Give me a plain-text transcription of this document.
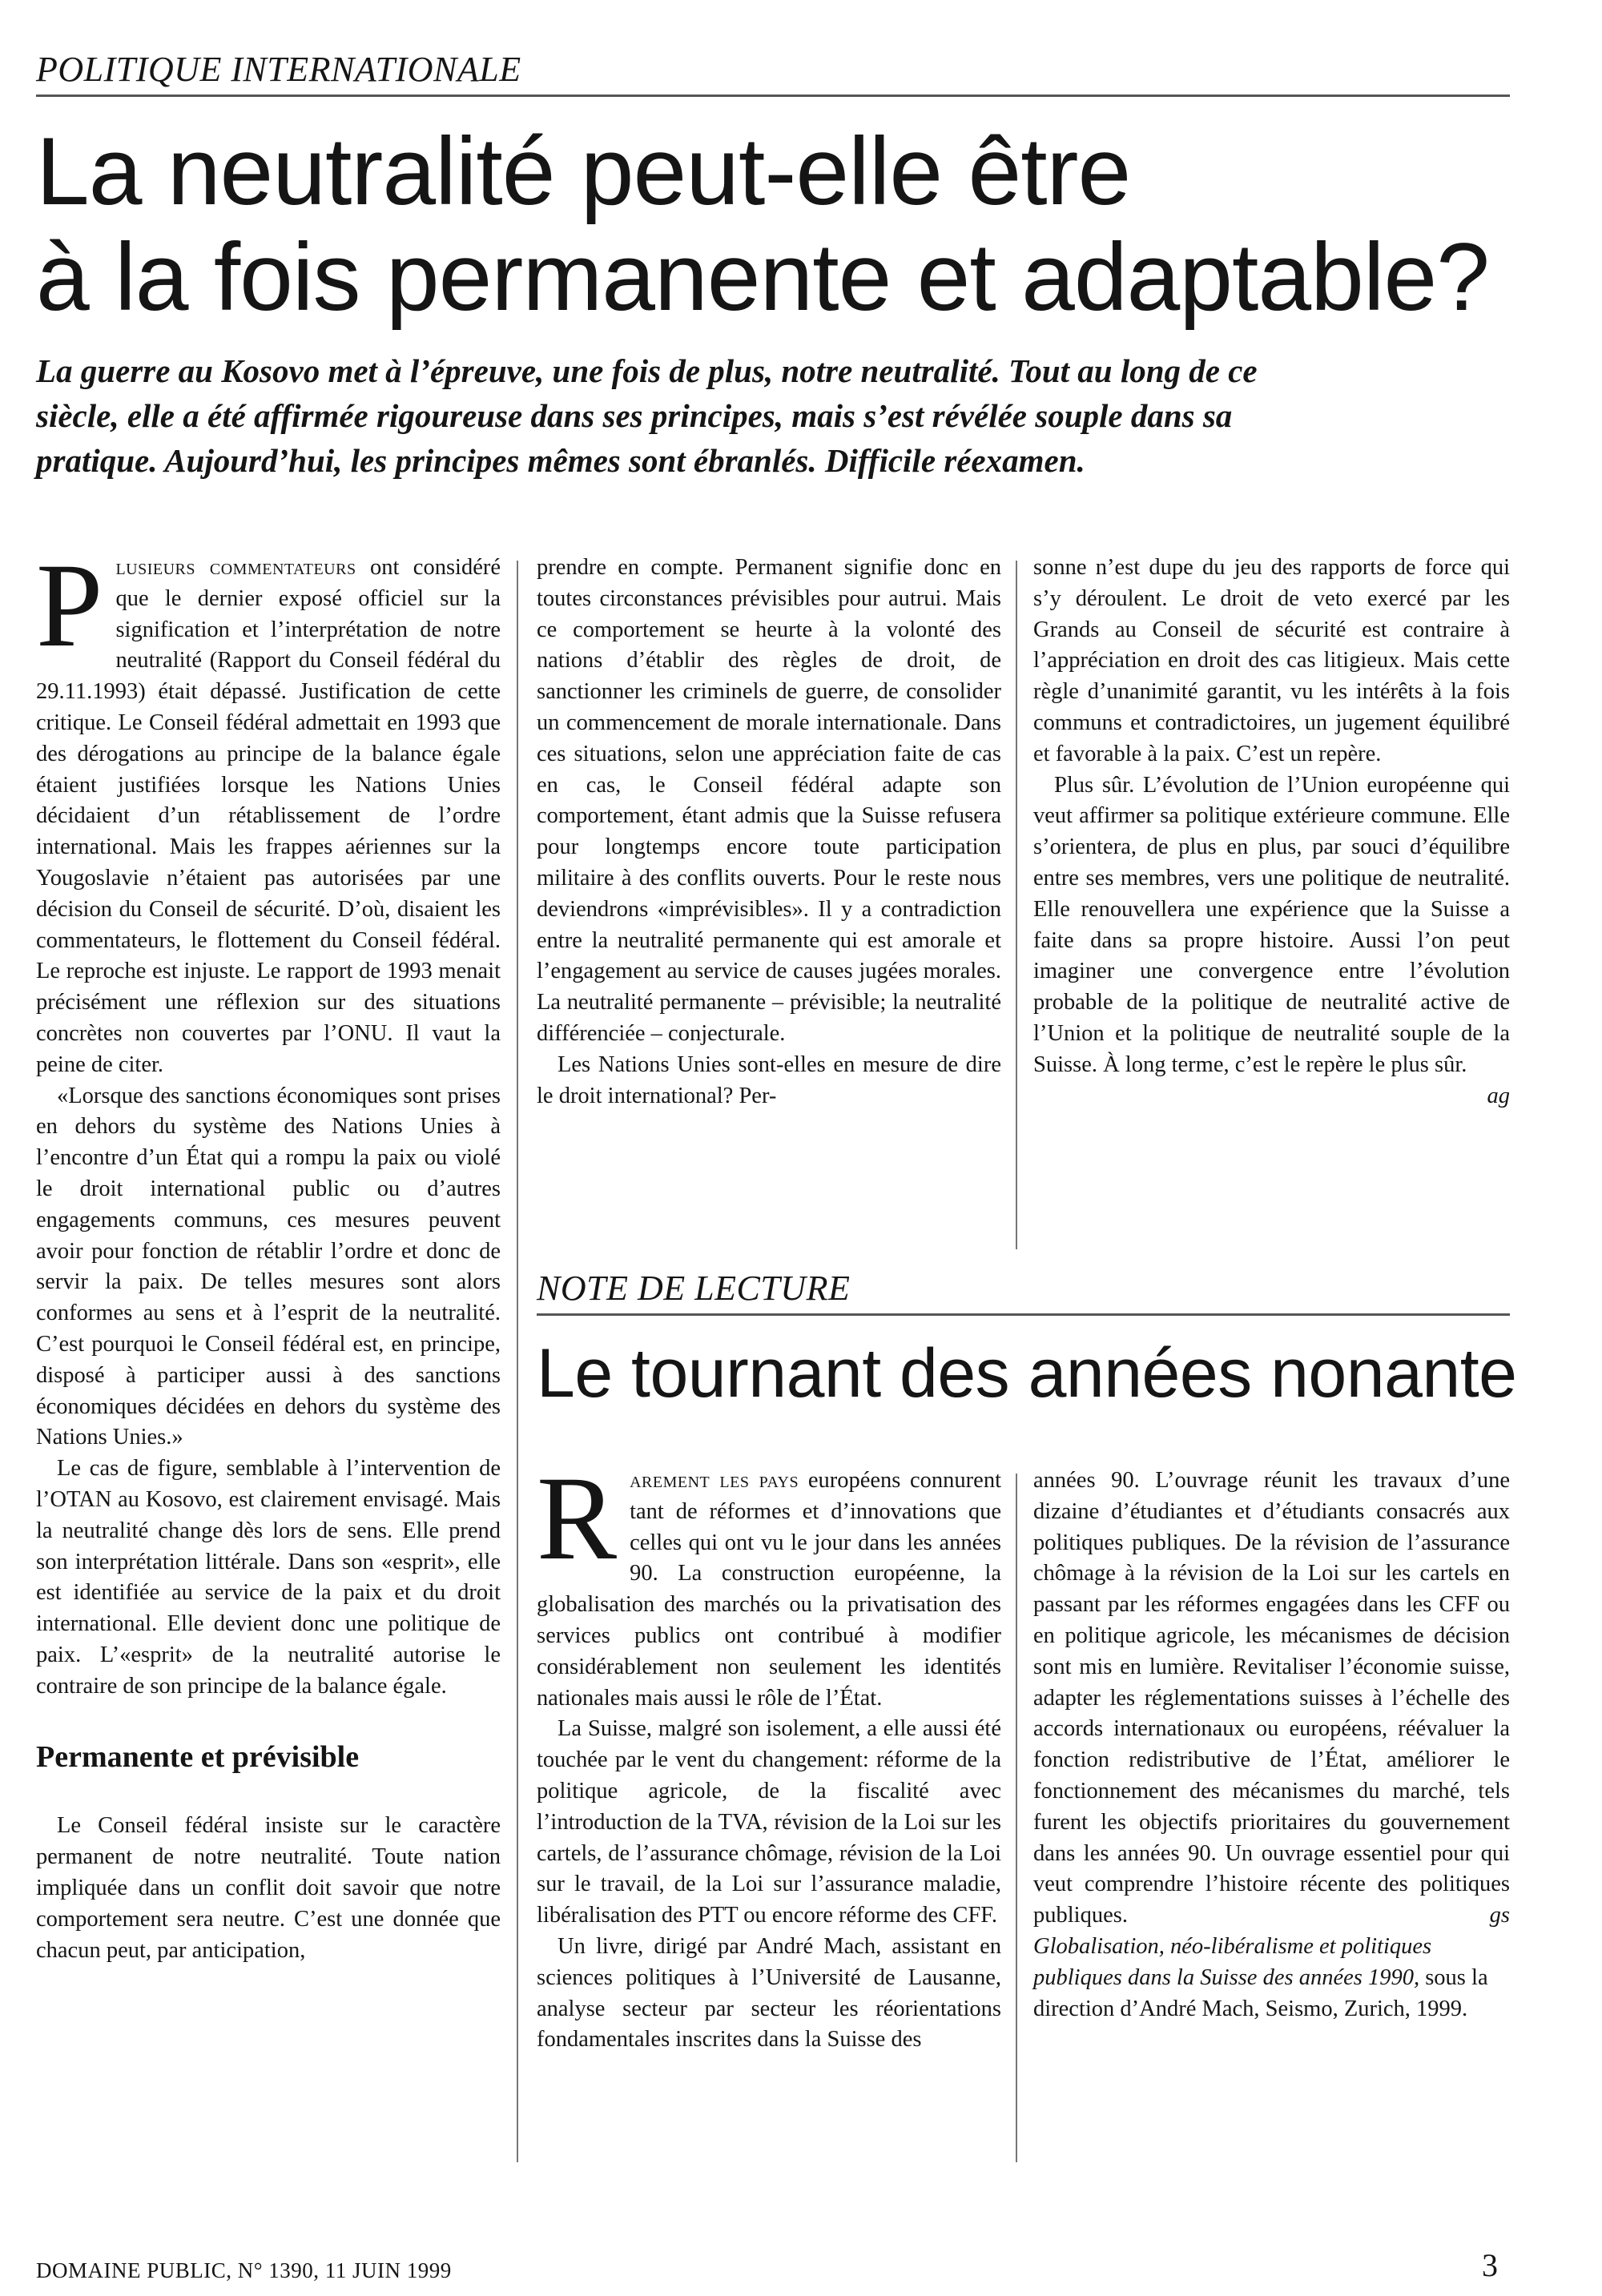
POLITIQUE INTERNATIONALE
La neutralité peut-elle être
à la fois permanente et adaptable?
La guerre au Kosovo met à l’épreuve, une fois de plus, notre neutralité. Tout au long de ce siècle, elle a été affirmée rigoureuse dans ses principes, mais s’est révélée souple dans sa pratique. Aujourd’hui, les principes mêmes sont ébranlés. Difficile réexamen.

Plusieurs commentateurs ont considéré que le dernier exposé officiel sur la signification et l’interprétation de notre neutralité (Rapport du Conseil fédéral du 29.11.1993) était dépassé. Justification de cette critique. Le Conseil fédéral admettait en 1993 que des dérogations au principe de la balance égale étaient justifiées lorsque les Nations Unies décidaient d’un rétablissement de l’ordre international. Mais les frappes aériennes sur la Yougoslavie n’étaient pas autorisées par une décision du Conseil de sécurité. D’où, disaient les commentateurs, le flottement du Conseil fédéral. Le reproche est injuste. Le rapport de 1993 menait précisément une réflexion sur des situations concrètes non couvertes par l’ONU. Il vaut la peine de citer.

«Lorsque des sanctions économiques sont prises en dehors du système des Nations Unies à l’encontre d’un État qui a rompu la paix ou violé le droit international public ou d’autres engagements communs, ces mesures peuvent avoir pour fonction de rétablir l’ordre et donc de servir la paix. De telles mesures sont alors conformes au sens et à l’esprit de la neutralité. C’est pourquoi le Conseil fédéral est, en principe, disposé à participer aussi à des sanctions économiques décidées en dehors du système des Nations Unies.»

Le cas de figure, semblable à l’intervention de l’OTAN au Kosovo, est clairement envisagé. Mais la neutralité change dès lors de sens. Elle prend son interprétation littérale. Dans son «esprit», elle est identifiée au service de la paix et du droit international. Elle devient donc une politique de paix. L’«esprit» de la neutralité autorise le contraire de son principe de la balance égale.

Permanente et prévisible

Le Conseil fédéral insiste sur le caractère permanent de notre neutralité. Toute nation impliquée dans un conflit doit savoir que notre comportement sera neutre. C’est une donnée que chacun peut, par anticipation,

prendre en compte. Permanent signifie donc en toutes circonstances prévisibles pour autrui. Mais ce comportement se heurte à la volonté des nations d’établir des règles de droit, de sanctionner les criminels de guerre, de consolider un commencement de morale internationale. Dans ces situations, selon une appréciation faite de cas en cas, le Conseil fédéral adapte son comportement, étant admis que la Suisse refusera pour longtemps encore toute participation militaire à des conflits ouverts. Pour le reste nous deviendrons «imprévisibles». Il y a contradiction entre la neutralité permanente qui est amorale et l’engagement au service de causes jugées morales. La neutralité permanente – prévisible; la neutralité différenciée – conjecturale.

Les Nations Unies sont-elles en mesure de dire le droit international? Per-

sonne n’est dupe du jeu des rapports de force qui s’y déroulent. Le droit de veto exercé par les Grands au Conseil de sécurité est contraire à l’appréciation en droit des cas litigieux. Mais cette règle d’unanimité garantit, vu les intérêts à la fois communs et contradictoires, un jugement équilibré et favorable à la paix. C’est un repère.

Plus sûr. L’évolution de l’Union européenne qui veut affirmer sa politique extérieure commune. Elle s’orientera, de plus en plus, par souci d’équilibre entre ses membres, vers une politique de neutralité. Elle renouvellera une expérience que la Suisse a faite dans sa propre histoire. Aussi l’on peut imaginer une convergence entre l’évolution probable de la politique de neutralité active de l’Union et la politique de neutralité souple de la Suisse. À long terme, c’est le repère le plus sûr.
ag

NOTE DE LECTURE
Le tournant des années nonante

Rarement les pays européens connurent tant de réformes et d’innovations que celles qui ont vu le jour dans les années 90. La construction européenne, la globalisation des marchés ou la privatisation des services publics ont contribué à modifier considérablement non seulement les identités nationales mais aussi le rôle de l’État.

La Suisse, malgré son isolement, a elle aussi été touchée par le vent du changement: réforme de la politique agricole, de la fiscalité avec l’introduction de la TVA, révision de la Loi sur les cartels, de l’assurance chômage, révision de la Loi sur le travail, de la Loi sur l’assurance maladie, libéralisation des PTT ou encore réforme des CFF.

Un livre, dirigé par André Mach, assistant en sciences politiques à l’Université de Lausanne, analyse secteur par secteur les réorientations fondamentales inscrites dans la Suisse des

années 90. L’ouvrage réunit les travaux d’une dizaine d’étudiantes et d’étudiants consacrés aux politiques publiques. De la révision de l’assurance chômage à la révision de la Loi sur les cartels en passant par les réformes engagées dans les CFF ou en politique agricole, les mécanismes de décision sont mis en lumière. Revitaliser l’économie suisse, adapter les réglementations suisses à l’échelle des accords internationaux ou européens, réévaluer la fonction redistributive de l’État, améliorer le fonctionnement des mécanismes du marché, tels furent les objectifs prioritaires du gouvernement dans les années 90. Un ouvrage essentiel pour qui veut comprendre l’histoire récente des politiques publiques.	gs

Globalisation, néo-libéralisme et politiques publiques dans la Suisse des années 1990, sous la direction d’André Mach, Seismo, Zurich, 1999.

DOMAINE PUBLIC, N° 1390, 11 JUIN 1999	3
